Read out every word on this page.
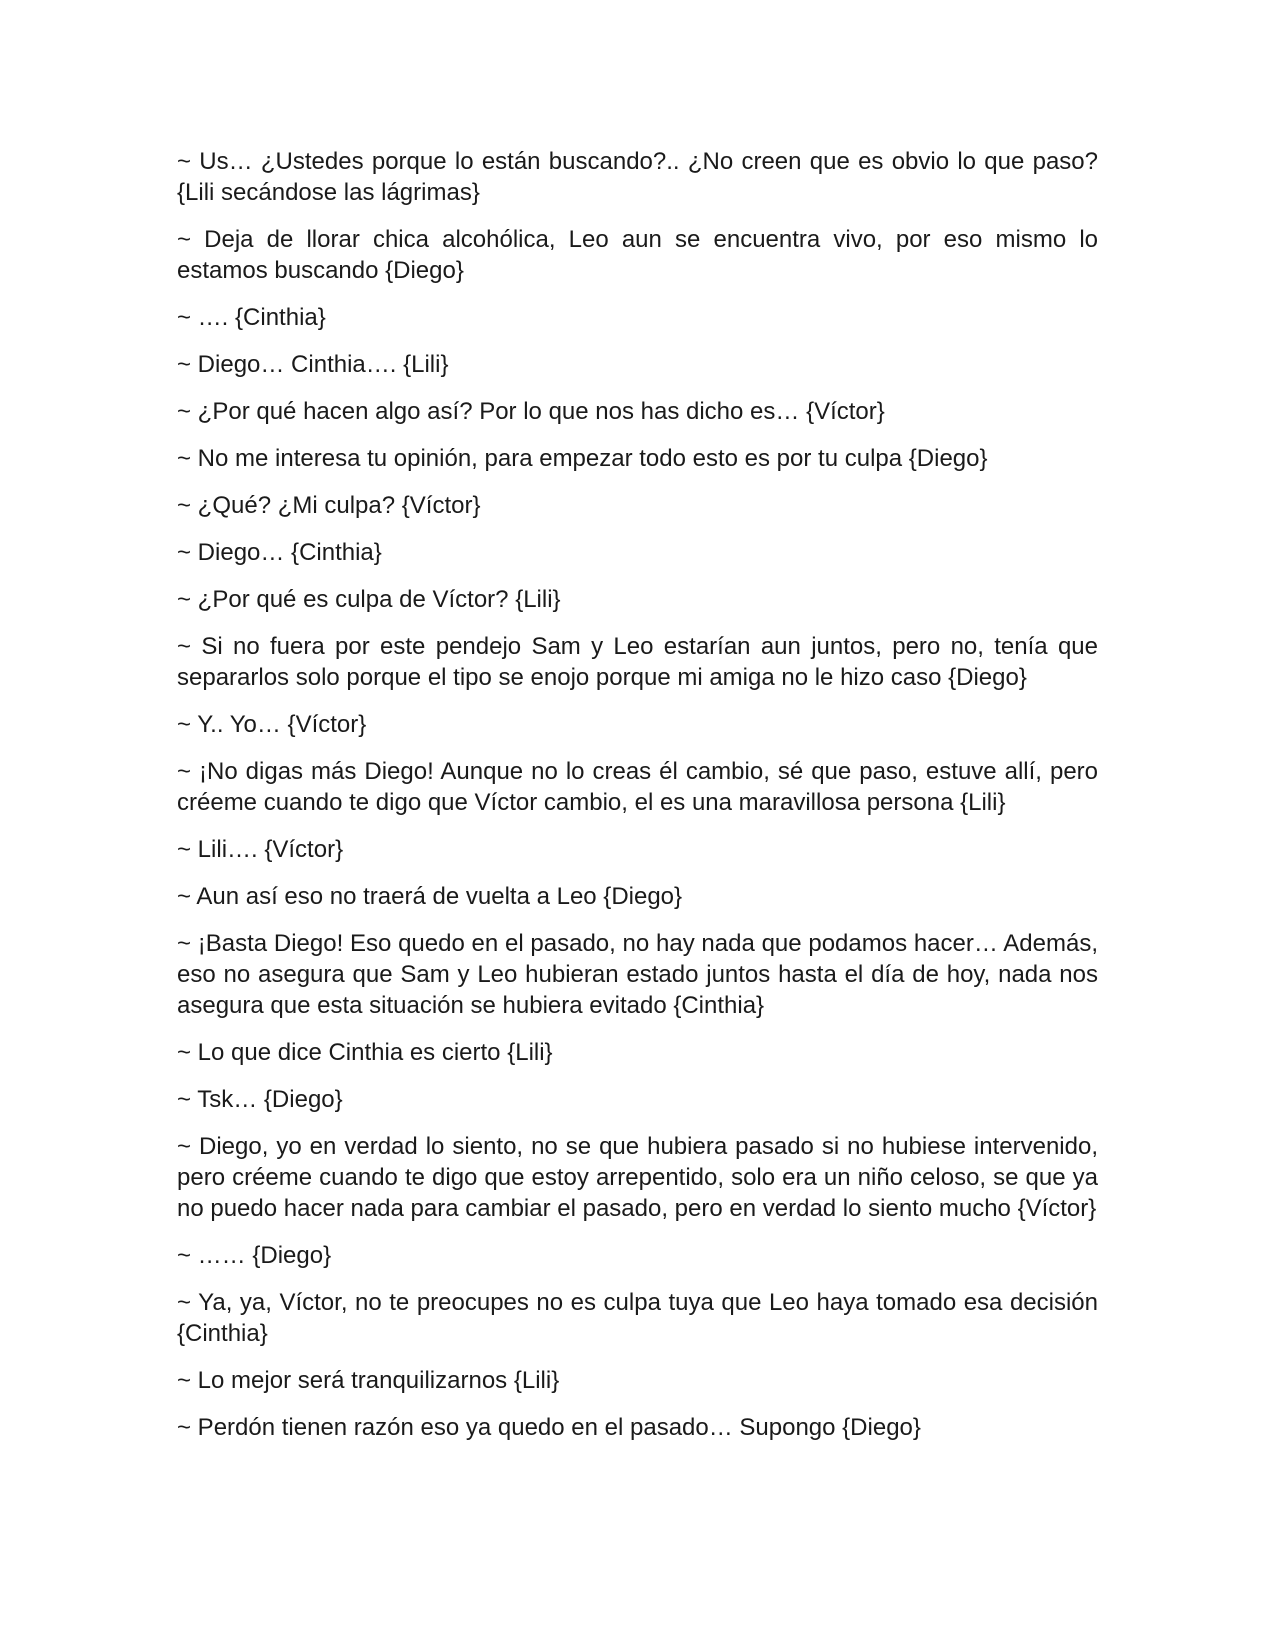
~ Us… ¿Ustedes porque lo están buscando?.. ¿No creen que es obvio lo que paso? {Lili secándose las lágrimas}

~ Deja de llorar chica alcohólica, Leo aun se encuentra vivo, por eso mismo lo estamos buscando {Diego}

~ …. {Cinthia}

~ Diego… Cinthia…. {Lili}

~ ¿Por qué hacen algo así? Por lo que nos has dicho es… {Víctor}

~ No me interesa tu opinión, para empezar todo esto es por tu culpa {Diego}

~ ¿Qué? ¿Mi culpa? {Víctor}

~ Diego… {Cinthia}

~ ¿Por qué es culpa de Víctor? {Lili}

~ Si no fuera por este pendejo Sam y Leo estarían aun juntos, pero no, tenía que separarlos solo porque el tipo se enojo porque mi amiga no le hizo caso {Diego}

~ Y.. Yo… {Víctor}

~ ¡No digas más Diego! Aunque no lo creas él cambio, sé que paso, estuve allí, pero créeme cuando te digo que Víctor cambio, el es una maravillosa persona {Lili}

~ Lili…. {Víctor}

~ Aun así eso no traerá de vuelta a Leo {Diego}

~ ¡Basta Diego! Eso quedo en el pasado, no hay nada que podamos hacer… Además, eso no asegura que Sam y Leo hubieran estado juntos hasta el día de hoy, nada nos asegura que esta situación se hubiera evitado {Cinthia}

~ Lo que dice Cinthia es cierto {Lili}

~ Tsk… {Diego}

~ Diego, yo en verdad lo siento, no se que hubiera pasado si no hubiese intervenido, pero créeme cuando te digo que estoy arrepentido, solo era un niño celoso, se que ya no puedo hacer nada para cambiar el pasado, pero en verdad lo siento mucho {Víctor}

~ …… {Diego}

~ Ya, ya, Víctor, no te preocupes no es culpa tuya que Leo haya tomado esa decisión {Cinthia}

~ Lo mejor será tranquilizarnos {Lili}

~ Perdón tienen razón eso ya quedo en el pasado… Supongo {Diego}
